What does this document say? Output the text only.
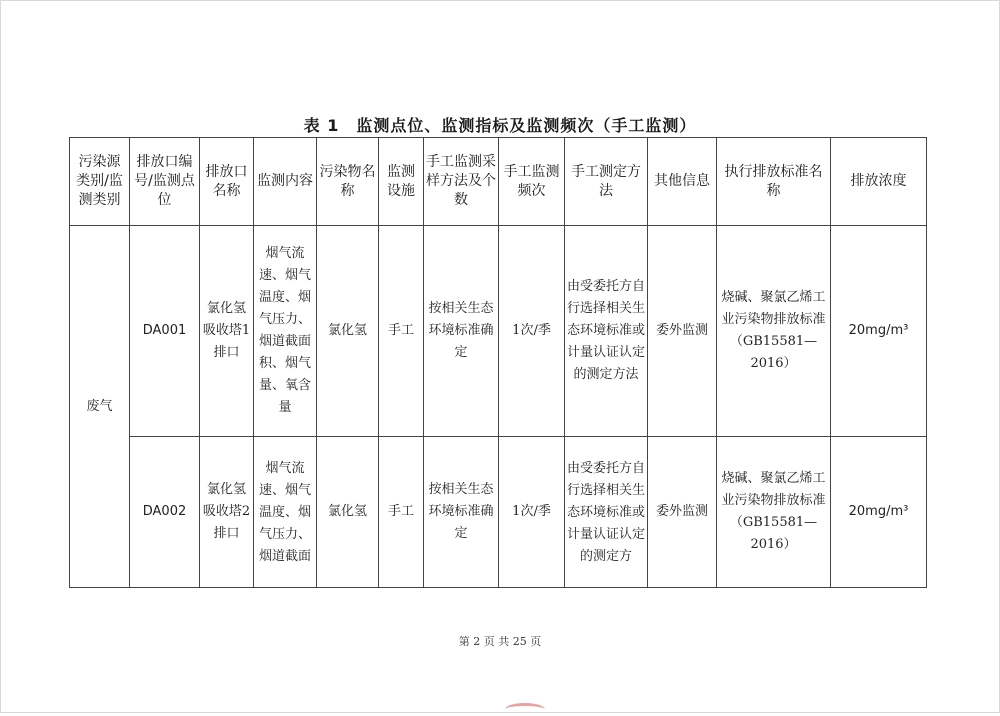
表 1　监测点位、监测指标及监测频次（手工监测）
污染源类别/监测类别	排放口编号/监测点位	排放口名称	监测内容	污染物名称	监测设施	手工监测采样方法及个数	手工监测频次	手工测定方法	其他信息	执行排放标准名称	排放浓度
废气	DA001	氯化氢吸收塔1排口	烟气流速、烟气温度、烟气压力、烟道截面积、烟气量、氧含量	氯化氢	手工	按相关生态环境标准确定	1次/季	由受委托方自行选择相关生态环境标准或计量认证认定的测定方法	委外监测	烧碱、聚氯乙烯工业污染物排放标准（GB15581—2016）	20mg/m³
	DA002	氯化氢吸收塔2排口	烟气流速、烟气温度、烟气压力、烟道截面	氯化氢	手工	按相关生态环境标准确定	1次/季	由受委托方自行选择相关生态环境标准或计量认证认定的测定方	委外监测	烧碱、聚氯乙烯工业污染物排放标准（GB15581—2016）	20mg/m³
第 2 页 共 25 页
